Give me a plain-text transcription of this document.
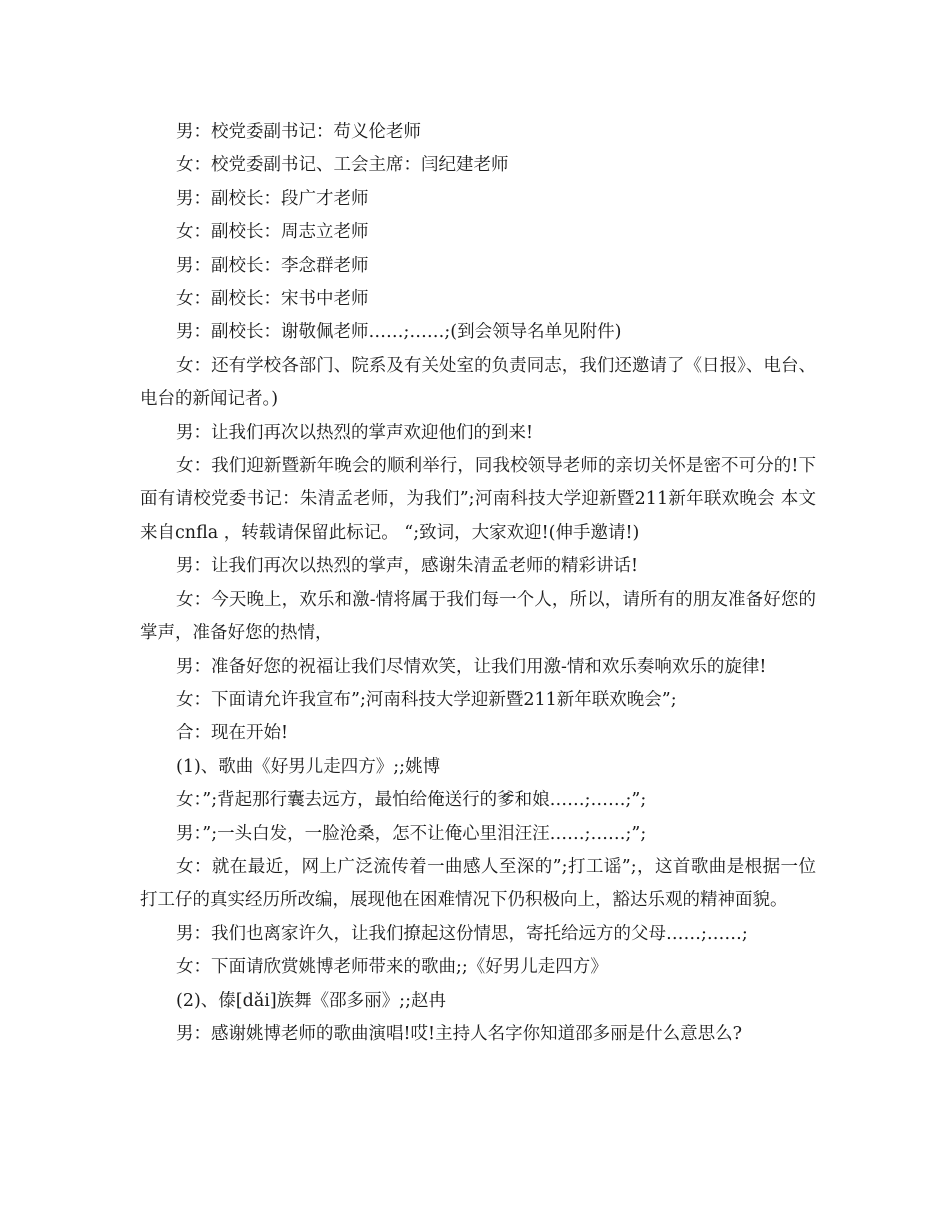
男：校党委副书记：苟义伦老师

女：校党委副书记、工会主席：闫纪建老师

男：副校长：段广才老师

女：副校长：周志立老师

男：副校长：李念群老师

女：副校长：宋书中老师

男：副校长：谢敬佩老师……;……;(到会领导名单见附件)

女：还有学校各部门、院系及有关处室的负责同志，我们还邀请了《日报》、电台、电台的新闻记者。)

男：让我们再次以热烈的掌声欢迎他们的到来!

女：我们迎新暨新年晚会的顺利举行，同我校领导老师的亲切关怀是密不可分的!下面有请校党委书记：朱清孟老师，为我们”;河南科技大学迎新暨211新年联欢晚会 本文来自cnfla ，转载请保留此标记。 “;致词，大家欢迎!(伸手邀请!)

男：让我们再次以热烈的掌声，感谢朱清孟老师的精彩讲话!

女：今天晚上，欢乐和激-情将属于我们每一个人，所以，请所有的朋友准备好您的掌声，准备好您的热情，

男：准备好您的祝福让我们尽情欢笑，让我们用激-情和欢乐奏响欢乐的旋律!

女：下面请允许我宣布”;河南科技大学迎新暨211新年联欢晚会”;

合：现在开始!

(1)、歌曲《好男儿走四方》;;姚博

女：”;背起那行囊去远方，最怕给俺送行的爹和娘……;……;”;

男：”;一头白发，一脸沧桑，怎不让俺心里泪汪汪……;……;”;

女：就在最近，网上广泛流传着一曲感人至深的”;打工谣”;，这首歌曲是根据一位打工仔的真实经历所改编，展现他在困难情况下仍积极向上，豁达乐观的精神面貌。

男：我们也离家许久，让我们撩起这份情思，寄托给远方的父母……;……;

女：下面请欣赏姚博老师带来的歌曲;;《好男儿走四方》

(2)、傣[dǎi]族舞《邵多丽》;;赵冉

男：感谢姚博老师的歌曲演唱!哎!主持人名字你知道邵多丽是什么意思么?
